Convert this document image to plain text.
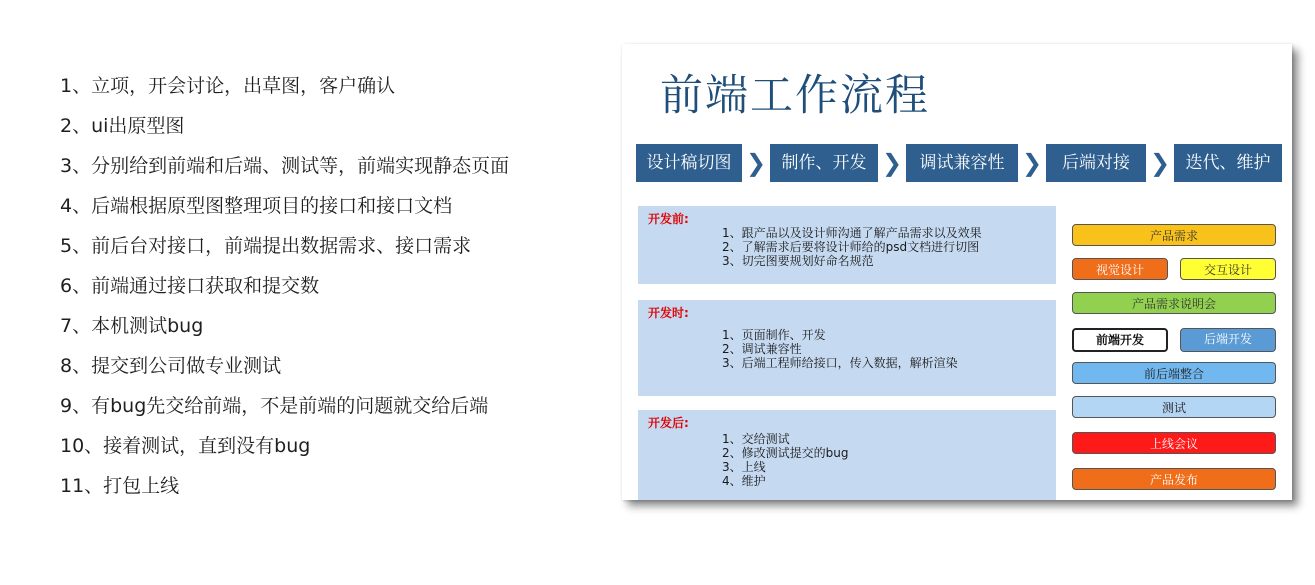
1、立项，开会讨论，出草图，客户确认
2、ui出原型图
3、分别给到前端和后端、测试等，前端实现静态页面
4、后端根据原型图整理项目的接口和接口文档
5、前后台对接口，前端提出数据需求、接口需求
6、前端通过接口获取和提交数
7、本机测试bug
8、提交到公司做专业测试
9、有bug先交给前端，不是前端的问题就交给后端
10、接着测试，直到没有bug
11、打包上线
前端工作流程
设计稿切图 ❯ 制作、开发 ❯	调试兼容性 ❯	后端对接 ❯ 迭代、维护
开发前:
1、跟产品以及设计师沟通了解产品需求以及效果
2、了解需求后要将设计师给的psd文档进行切图
3、切完图要规划好命名规范
开发时:
1、页面制作、开发
2、调试兼容性
3、后端工程师给接口，传入数据，解析渲染
开发后:
1、交给测试
2、修改测试提交的bug
3、上线
4、维护
产品需求
视觉设计	交互设计
产品需求说明会
前端开发	后端开发
前后端整合
测试
上线会议
产品发布
